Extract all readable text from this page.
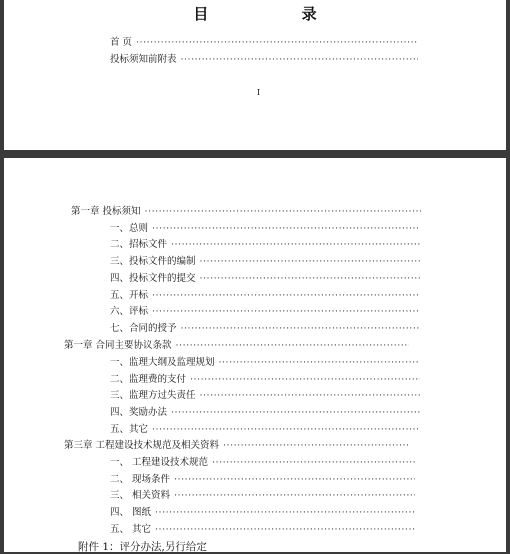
目 录
首 页
·····
投标须知前附表
·····
I
第一章 投标须知
·····
一、总则
·····
二、招标文件
·····
三、投标文件的编制
·····
四、投标文件的提交
·····
五、开标
·····
六、评标
·····
七、合同的授予
·····
第一章 合同主要协议条款
·····
一、监理大纲及监理规划
·····
二、监理费的支付
·····
三、监理方过失责任
·····
四、奖励办法
·····
五、其它
·····
第三章 工程建设技术规范及相关资料
·····
一、 工程建设技术规范
·····
二、 现场条件
·····
三、 相关资料
·····
四、 图纸
·····
五、 其它
·····
附件 1：评分办法,另行给定
